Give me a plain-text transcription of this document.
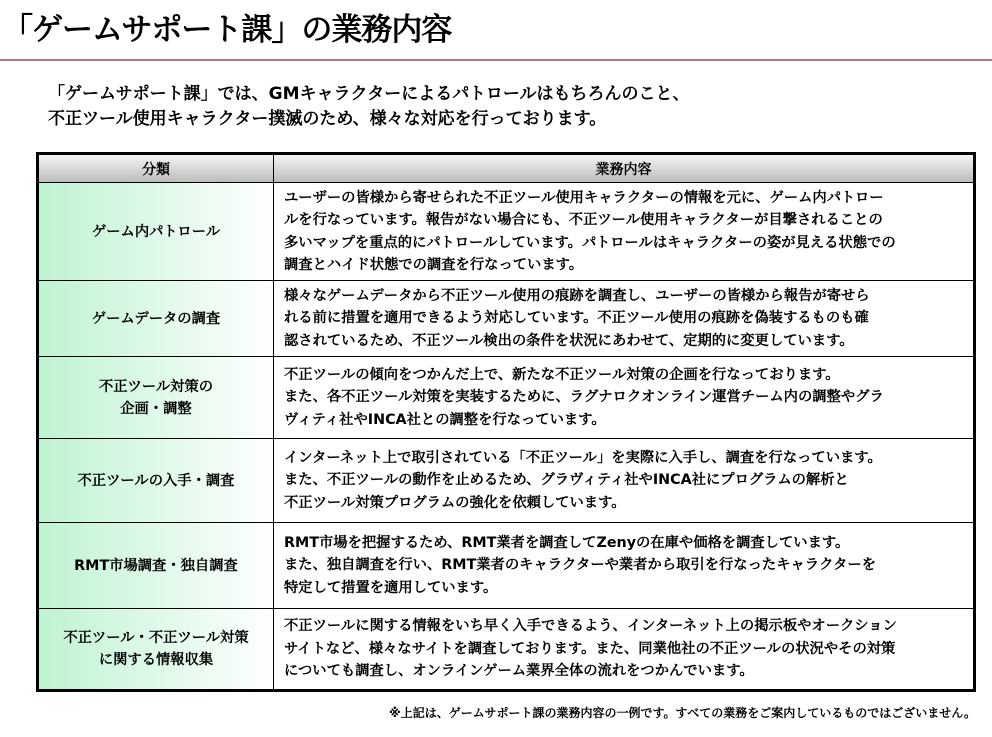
「ゲームサポート課」の業務内容

「ゲームサポート課」では、GMキャラクターによるパトロールはもちろんのこと、

不正ツール使用キャラクター撲滅のため、様々な対応を行っております。

分類	業務内容

ゲーム内パトロール	ユーザーの皆様から寄せられた不正ツール使用キャラクターの情報を元に、ゲーム内パトロー
ルを行なっています。報告がない場合にも、不正ツール使用キャラクターが目撃されることの
多いマップを重点的にパトロールしています。パトロールはキャラクターの姿が見える状態での
調査とハイド状態での調査を行なっています。

ゲームデータの調査	様々なゲームデータから不正ツール使用の痕跡を調査し、ユーザーの皆様から報告が寄せら
れる前に措置を適用できるよう対応しています。不正ツール使用の痕跡を偽装するものも確
認されているため、不正ツール検出の条件を状況にあわせて、定期的に変更しています。

不正ツール対策の
企画・調整	不正ツールの傾向をつかんだ上で、新たな不正ツール対策の企画を行なっております。
また、各不正ツール対策を実装するために、ラグナロクオンライン運営チーム内の調整やグラ
ヴィティ社やINCA社との調整を行なっています。

不正ツールの入手・調査	インターネット上で取引されている「不正ツール」を実際に入手し、調査を行なっています。
また、不正ツールの動作を止めるため、グラヴィティ社やINCA社にプログラムの解析と
不正ツール対策プログラムの強化を依頼しています。

RMT市場調査・独自調査	RMT市場を把握するため、RMT業者を調査してZenyの在庫や価格を調査しています。
また、独自調査を行い、RMT業者のキャラクターや業者から取引を行なったキャラクターを
特定して措置を適用しています。

不正ツール・不正ツール対策
に関する情報収集	不正ツールに関する情報をいち早く入手できるよう、インターネット上の掲示板やオークション
サイトなど、様々なサイトを調査しております。また、同業他社の不正ツールの状況やその対策
についても調査し、オンラインゲーム業界全体の流れをつかんでいます。

※上記は、ゲームサポート課の業務内容の一例です。すべての業務をご案内しているものではございません。
